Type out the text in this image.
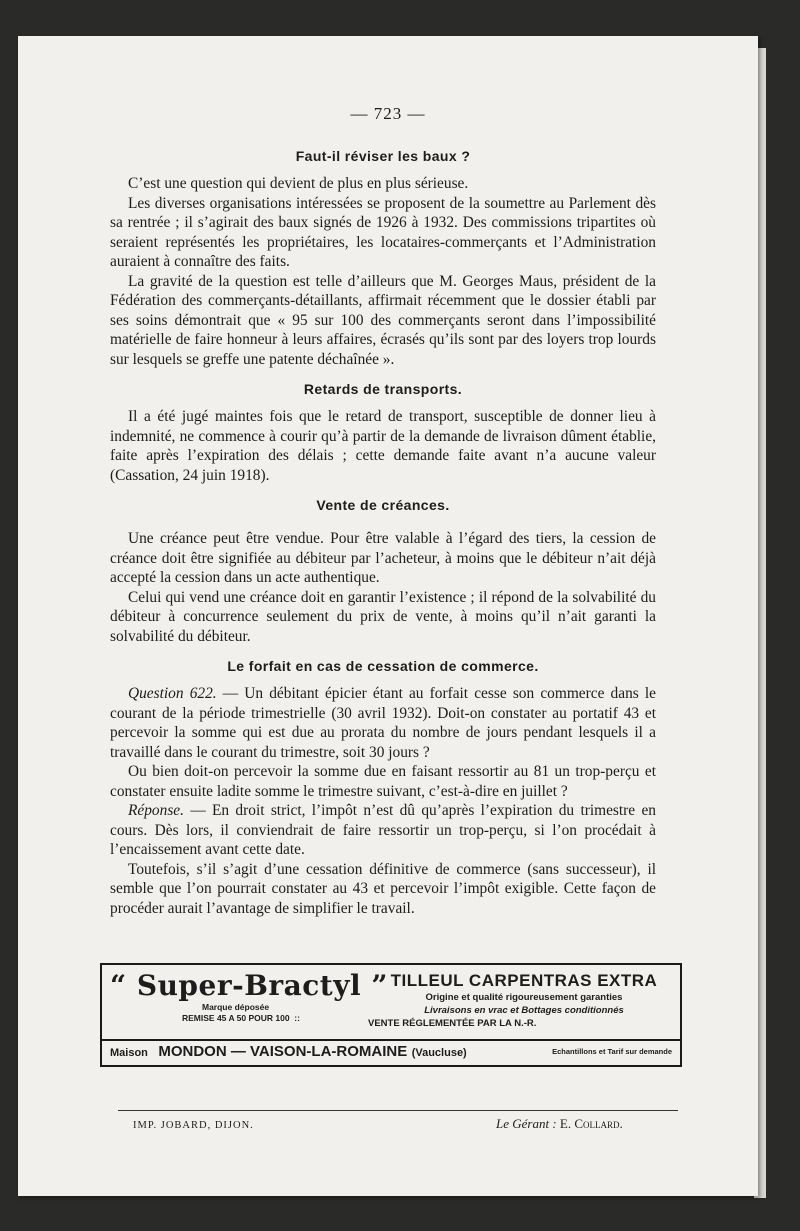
— 723 —
Faut-il réviser les baux ?

C’est une question qui devient de plus en plus sérieuse.

Les diverses organisations intéressées se proposent de la soumettre au Parlement dès sa rentrée ; il s’agirait des baux signés de 1926 à 1932. Des commissions tripartites où seraient représentés les propriétaires, les locataires-commerçants et l’Administration auraient à connaître des faits.

La gravité de la question est telle d’ailleurs que M. Georges Maus, président de la Fédération des commerçants-détaillants, affirmait récemment que le dossier établi par ses soins démontrait que « 95 sur 100 des commerçants seront dans l’impossibilité matérielle de faire honneur à leurs affaires, écrasés qu’ils sont par des loyers trop lourds sur lesquels se greffe une patente déchaînée ».

Retards de transports.

Il a été jugé maintes fois que le retard de transport, susceptible de donner lieu à indemnité, ne commence à courir qu’à partir de la demande de livraison dûment établie, faite après l’expiration des délais ; cette demande faite avant n’a aucune valeur (Cassation, 24 juin 1918).

Vente de créances.

Une créance peut être vendue. Pour être valable à l’égard des tiers, la cession de créance doit être signifiée au débiteur par l’acheteur, à moins que le débiteur n’ait déjà accepté la cession dans un acte authentique.

Celui qui vend une créance doit en garantir l’existence ; il répond de la solvabilité du débiteur à concurrence seulement du prix de vente, à moins qu’il n’ait garanti la solvabilité du débiteur.

Le forfait en cas de cessation de commerce.

Question 622. — Un débitant épicier étant au forfait cesse son commerce dans le courant de la période trimestrielle (30 avril 1932). Doit-on constater au portatif 43 et percevoir la somme qui est due au prorata du nombre de jours pendant lesquels il a travaillé dans le courant du trimestre, soit 30 jours ?

Ou bien doit-on percevoir la somme due en faisant ressortir au 81 un trop-perçu et constater ensuite ladite somme le trimestre suivant, c’est-à-dire en juillet ?

Réponse. — En droit strict, l’impôt n’est dû qu’après l’expiration du trimestre en cours. Dès lors, il conviendrait de faire ressortir un trop-perçu, si l’on procédait à l’encaissement avant cette date.

Toutefois, s’il s’agit d’une cessation définitive de commerce (sans successeur), il semble que l’on pourrait constater au 43 et percevoir l’impôt exigible. Cette façon de procéder aurait l’avantage de simplifier le travail.

“ Super-Bractyl ”
Marque déposée
REMISE 45 A 50 POUR 100 ::
TILLEUL CARPENTRAS EXTRA
Origine et qualité rigoureusement garanties
Livraisons en vrac et Bottages conditionnés
VENTE RÉGLEMENTÉE PAR LA N.-R.
Maison MONDON — VAISON-LA-ROMAINE (Vaucluse)	Echantillons et Tarif sur demande
IMP. JOBARD, DIJON.	Le Gérant : E. Collard.
